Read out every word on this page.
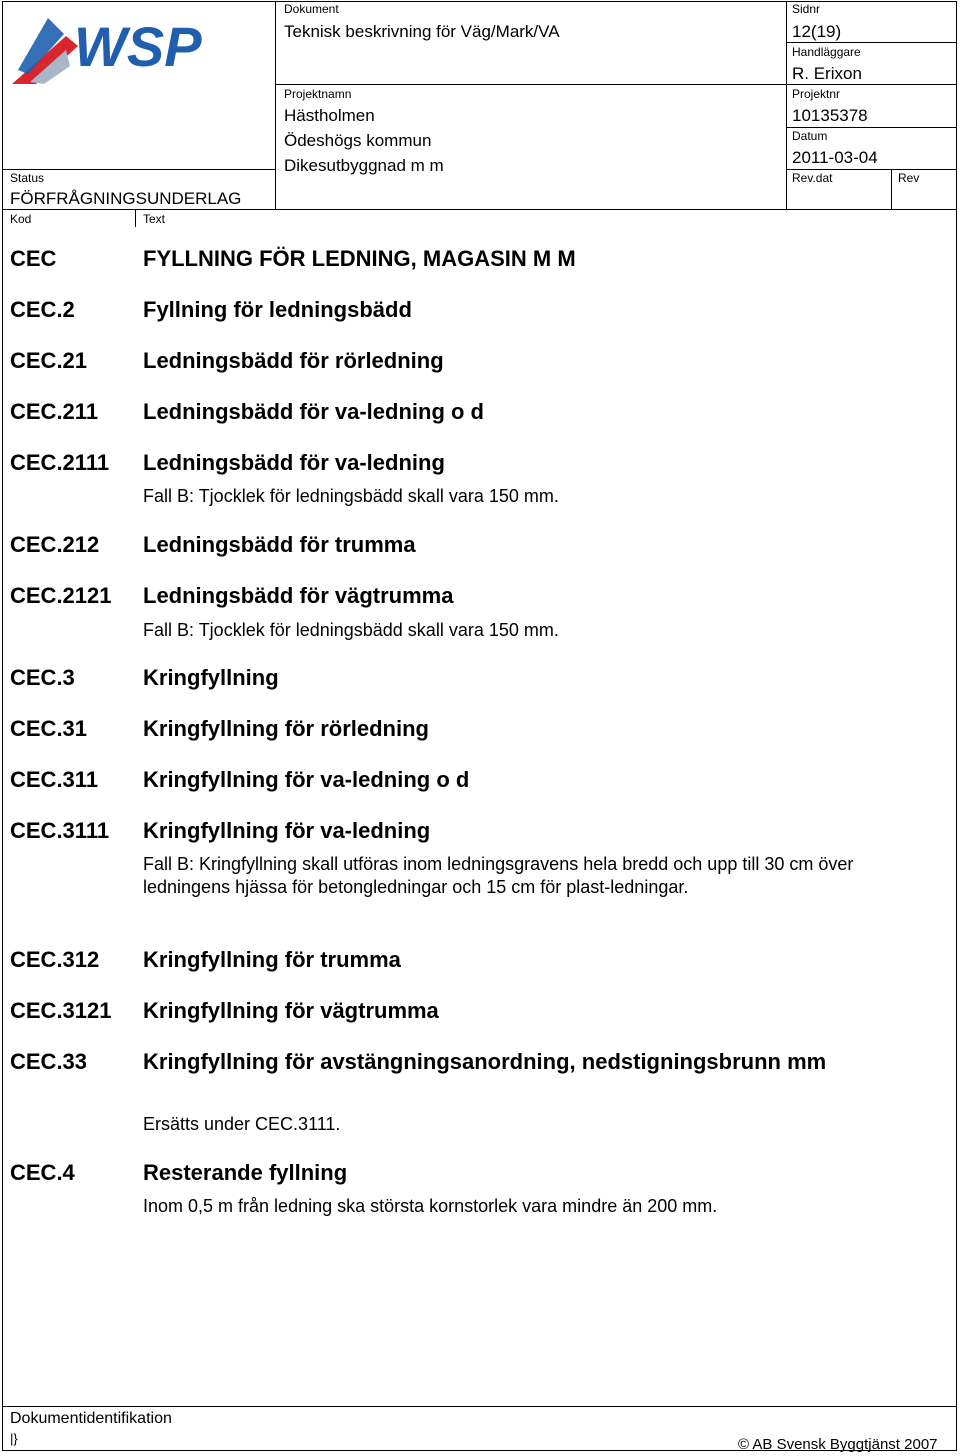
WSP
Dokument
Teknisk beskrivning för Väg/Mark/VA
Sidnr
12(19)
Handläggare
R. Erixon
Projektnamn
Hästholmen
Ödeshögs kommun
Dikesutbyggnad m m
Projektnr
10135378
Datum
2011-03-04
Status
FÖRFRÅGNINGSUNDERLAG
Rev.dat	Rev
Kod	Text
CEC	FYLLNING FÖR LEDNING, MAGASIN M M
CEC.2	Fyllning för ledningsbädd
CEC.21	Ledningsbädd för rörledning
CEC.211 Ledningsbädd för va-ledning o d
CEC.2111 Ledningsbädd för va-ledning
Fall B: Tjocklek för ledningsbädd skall vara 150 mm.
CEC.212 Ledningsbädd för trumma
CEC.2121 Ledningsbädd för vägtrumma
Fall B: Tjocklek för ledningsbädd skall vara 150 mm.
CEC.3	Kringfyllning
CEC.31	Kringfyllning för rörledning
CEC.311 Kringfyllning för va-ledning o d
CEC.3111 Kringfyllning för va-ledning
Fall B: Kringfyllning skall utföras inom ledningsgravens hela bredd och upp till 30 cm över ledningens hjässa för betongledningar och 15 cm för plast-ledningar.
CEC.312 Kringfyllning för trumma
CEC.3121 Kringfyllning för vägtrumma
CEC.33	Kringfyllning för avstängningsanordning, nedstigningsbrunn mm
Ersätts under CEC.3111.
CEC.4	Resterande fyllning
Inom 0,5 m från ledning ska största kornstorlek vara mindre än 200 mm.
Dokumentidentifikation
|}	© AB Svensk Byggtjänst 2007
